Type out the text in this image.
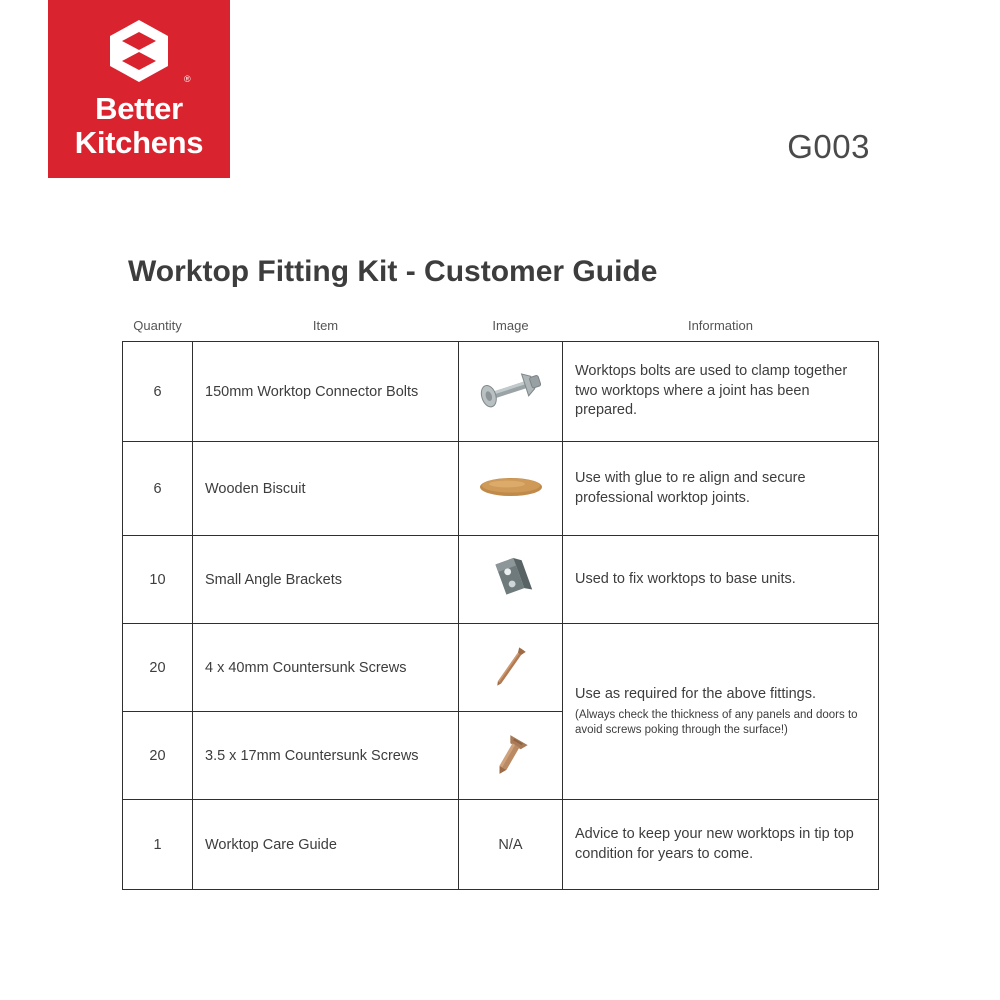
®
Better
Kitchens	G003
Worktop Fitting Kit - Customer Guide
Quantity	Item	Image	Information
6	150mm Worktop Connector Bolts		Worktops bolts are used to clamp together two worktops where a joint has been prepared.
6	Wooden Biscuit		Use with glue to re align and secure professional worktop joints.
10	Small Angle Brackets		Used to fix worktops to base units.
20	4 x 40mm Countersunk Screws		Use as required for the above fittings.
(Always check the thickness of any panels and doors to avoid screws poking through the surface!)

20	3.5 x 17mm Countersunk Screws	
1	Worktop Care Guide	N/A	Advice to keep your new worktops in tip top condition for years to come.
